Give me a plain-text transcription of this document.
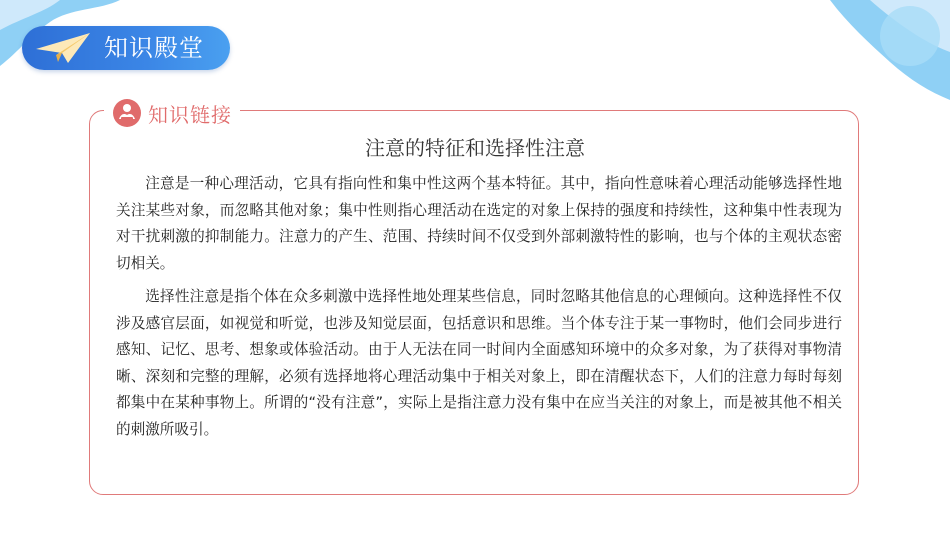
知识殿堂
知识链接
注意的特征和选择性注意

注意是一种心理活动，它具有指向性和集中性这两个基本特征。其中，指向性意味着心理活动能够选择性地关注某些对象，而忽略其他对象；集中性则指心理活动在选定的对象上保持的强度和持续性，这种集中性表现为对干扰刺激的抑制能力。注意力的产生、范围、持续时间不仅受到外部刺激特性的影响，也与个体的主观状态密切相关。

选择性注意是指个体在众多刺激中选择性地处理某些信息，同时忽略其他信息的心理倾向。这种选择性不仅涉及感官层面，如视觉和听觉，也涉及知觉层面，包括意识和思维。当个体专注于某一事物时，他们会同步进行感知、记忆、思考、想象或体验活动。由于人无法在同一时间内全面感知环境中的众多对象，为了获得对事物清晰、深刻和完整的理解，必须有选择地将心理活动集中于相关对象上，即在清醒状态下，人们的注意力每时每刻都集中在某种事物上。所谓的“没有注意”，实际上是指注意力没有集中在应当关注的对象上，而是被其他不相关的刺激所吸引。
